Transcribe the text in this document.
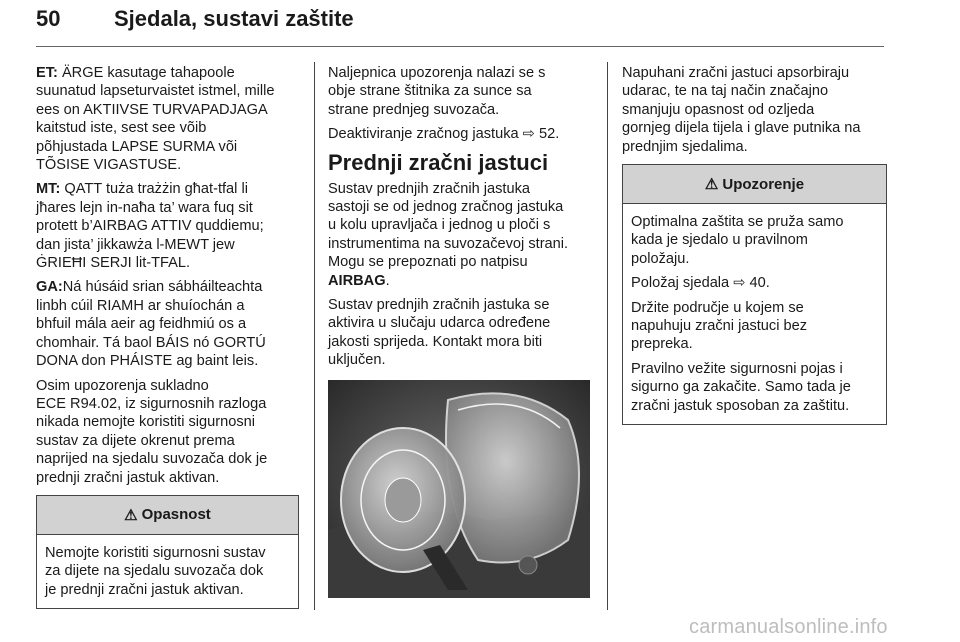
50 Sjedala, sustavi zaštite

ET: ÄRGE kasutage tahapoole
suunatud lapseturvaistet istmel, mille
ees on AKTIIVSE TURVAPADJAGA
kaitstud iste, sest see võib
põhjustada LAPSE SURMA või
TÕSISE VIGASTUSE.

MT: QATT tuża trażżin għat-tfal li
jħares lejn in-naħa ta’ wara fuq sit
protett b’AIRBAG ATTIV quddiemu;
dan jista’ jikkawża l-MEWT jew
ĠRIEĦI SERJI lit-TFAL.

GA:Ná húsáid srian sábháilteachta
linbh cúil RIAMH ar shuíochán a
bhfuil mála aeir ag feidhmiú os a
chomhair. Tá baol BÁIS nó GORTÚ
DONA don PHÁISTE ag baint leis.

Osim upozorenja sukladno
ECE R94.02, iz sigurnosnih razloga
nikada nemojte koristiti sigurnosni
sustav za dijete okrenut prema
naprijed na sjedalu suvozača dok je
prednji zračni jastuk aktivan.

⚠ Opasnost

Nemojte koristiti sigurnosni sustav
za dijete na sjedalu suvozača dok
je prednji zračni jastuk aktivan.

Naljepnica upozorenja nalazi se s
obje strane štitnika za sunce sa
strane prednjeg suvozača.

Deaktiviranje zračnog jastuka ⇨ 52.

Prednji zračni jastuci

Sustav prednjih zračnih jastuka
sastoji se od jednog zračnog jastuka
u kolu upravljača i jednog u ploči s
instrumentima na suvozačevoj strani.
Mogu se prepoznati po natpisu
AIRBAG.

Sustav prednjih zračnih jastuka se
aktivira u slučaju udarca određene
jakosti sprijeda. Kontakt mora biti
uključen.

Napuhani zračni jastuci apsorbiraju
udarac, te na taj način značajno
smanjuju opasnost od ozljeda
gornjeg dijela tijela i glave putnika na
prednjim sjedalima.

⚠ Upozorenje

Optimalna zaštita se pruža samo
kada je sjedalo u pravilnom
položaju.

Položaj sjedala ⇨ 40.

Držite područje u kojem se
napuhuju zračni jastuci bez
prepreka.

Pravilno vežite sigurnosni pojas i
sigurno ga zakačite. Samo tada je
zračni jastuk sposoban za zaštitu.

carmanualsonline.info
